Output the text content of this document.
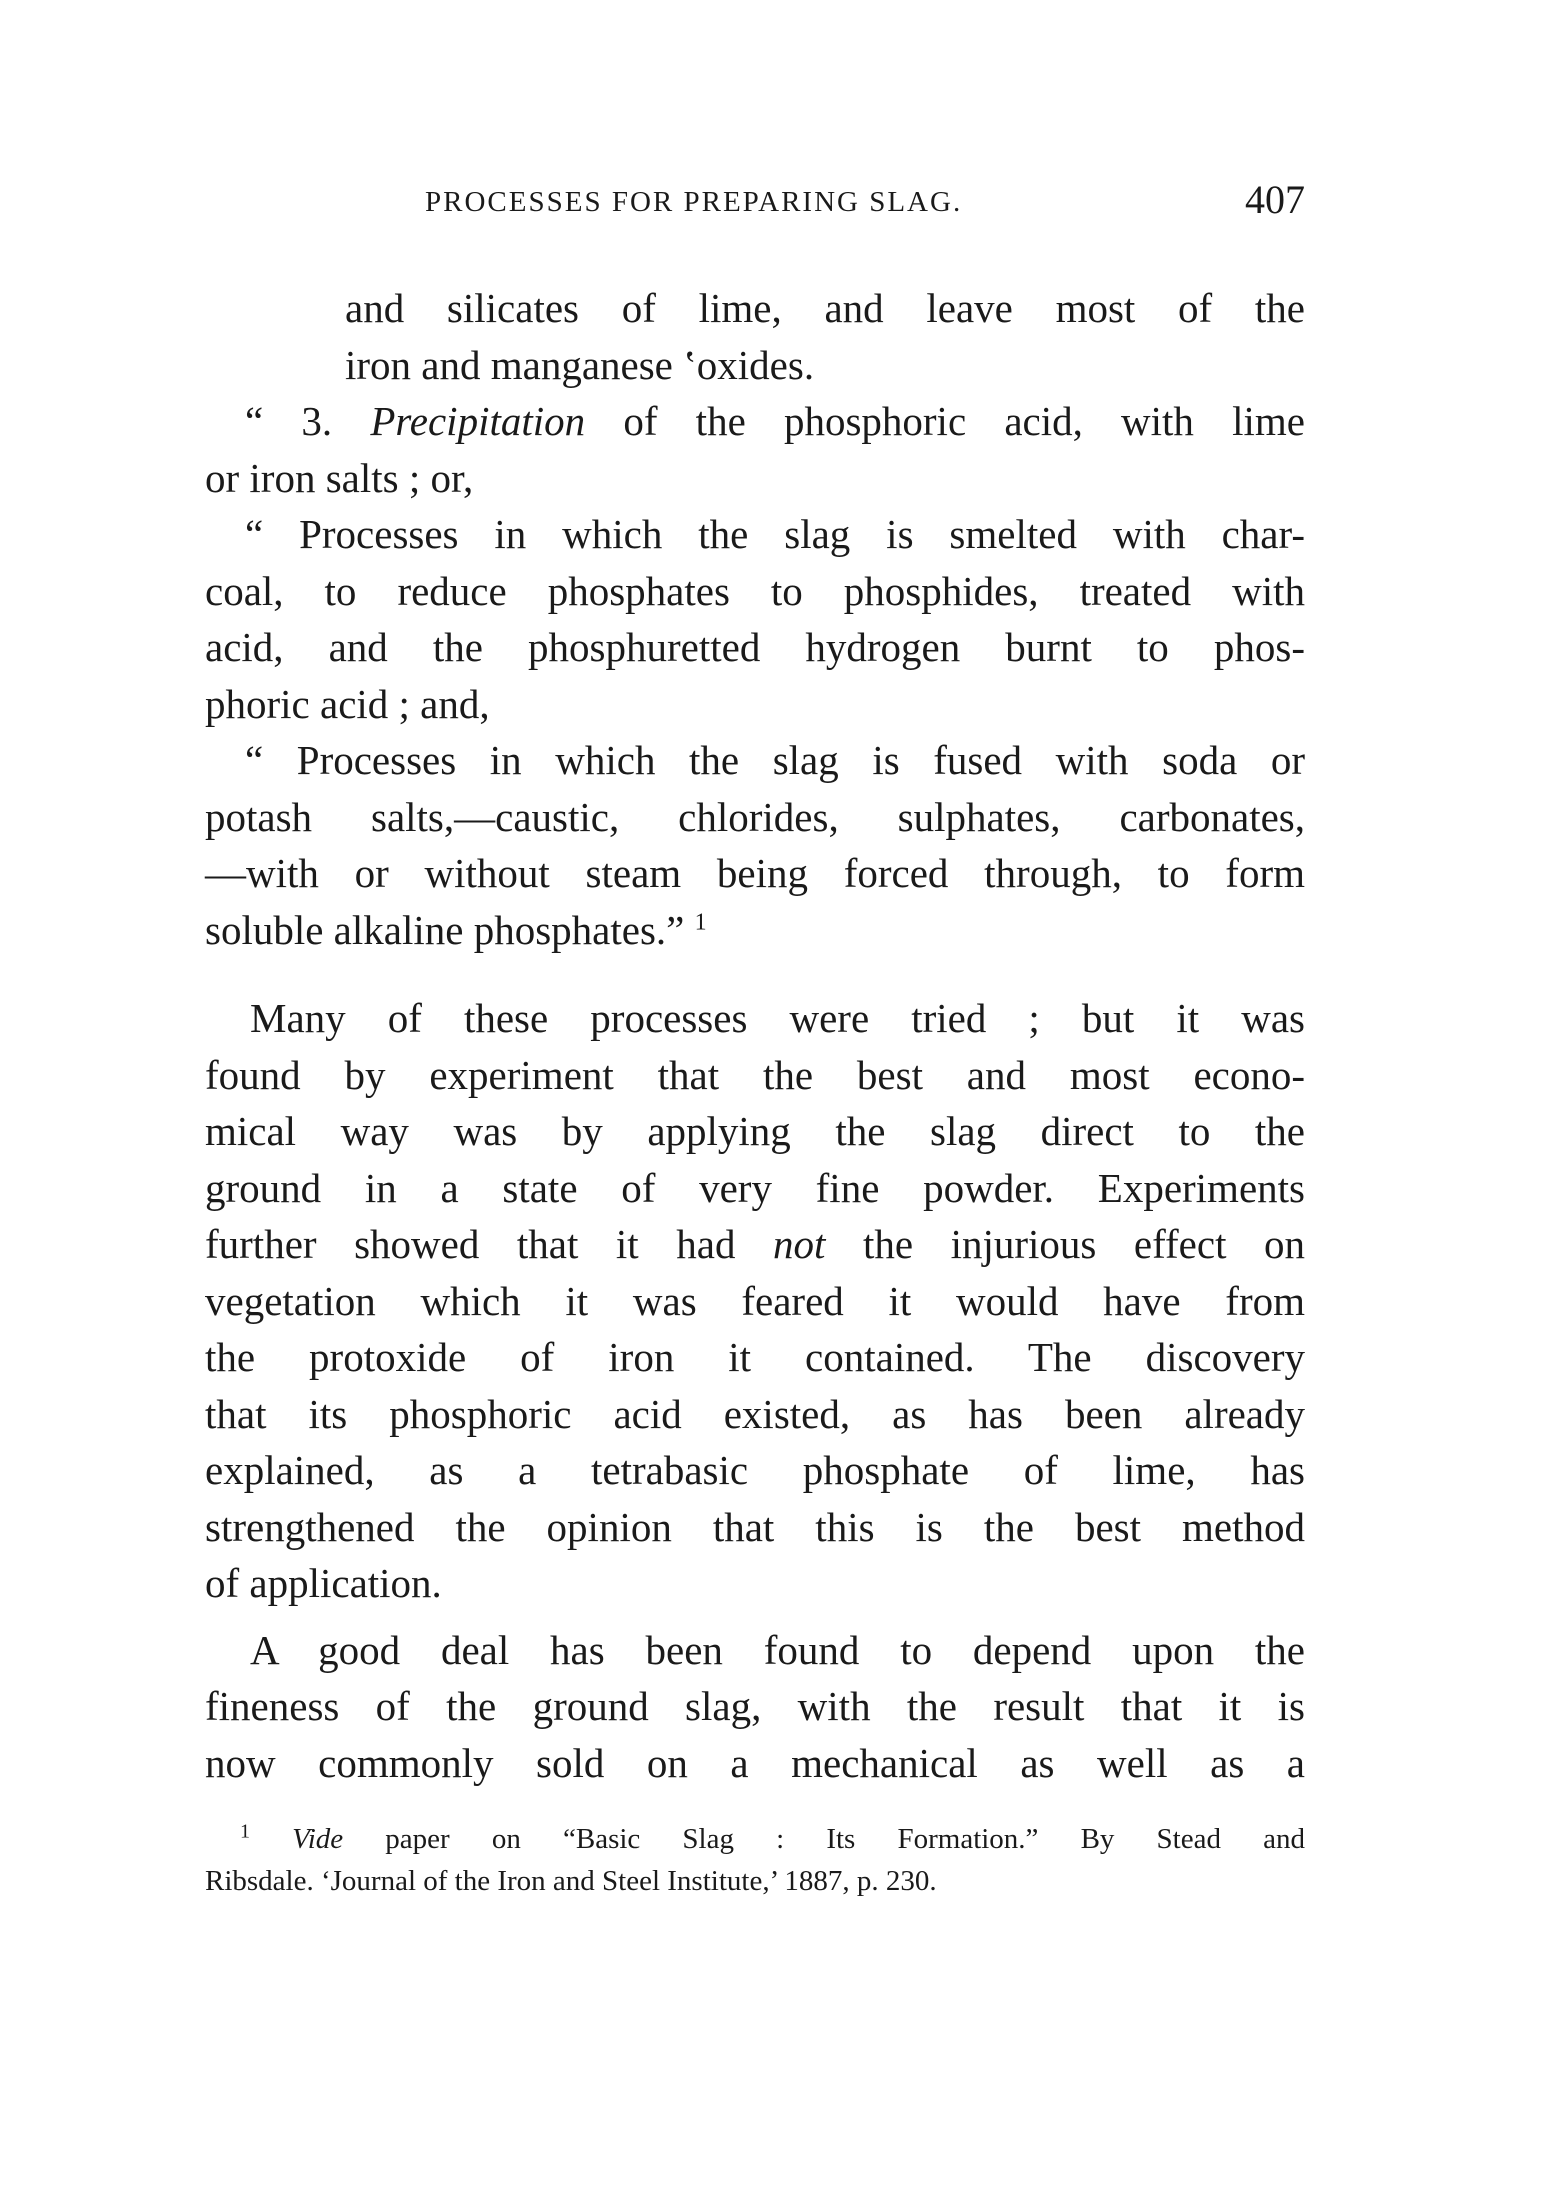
PROCESSES FOR PREPARING SLAG.	407
and silicates of lime, and leave most of the
iron and manganese ʽoxides.
“ 3. Precipitation of the phosphoric acid, with lime
or iron salts ; or,
“ Processes in which the slag is smelted with char-
coal, to reduce phosphates to phosphides, treated with
acid, and the phosphuretted hydrogen burnt to phos-
phoric acid ; and,
“ Processes in which the slag is fused with soda or
potash salts,—caustic, chlorides, sulphates, carbonates,
—with or without steam being forced through, to form
soluble alkaline phosphates.” $^1$
Many of these processes were tried ; but it was
found by experiment that the best and most econo-
mical way was by applying the slag direct to the
ground in a state of very fine powder. Experiments
further showed that it had not the injurious effect on
vegetation which it was feared it would have from
the protoxide of iron it contained. The discovery
that its phosphoric acid existed, as has been already
explained, as a tetrabasic phosphate of lime, has
strengthened the opinion that this is the best method
of application.
A good deal has been found to depend upon the
fineness of the ground slag, with the result that it is
now commonly sold on a mechanical as well as a
$^1$ Vide paper on “Basic Slag : Its Formation.” By Stead and
Ribsdale. ‘Journal of the Iron and Steel Institute,’ 1887, p. 230.
